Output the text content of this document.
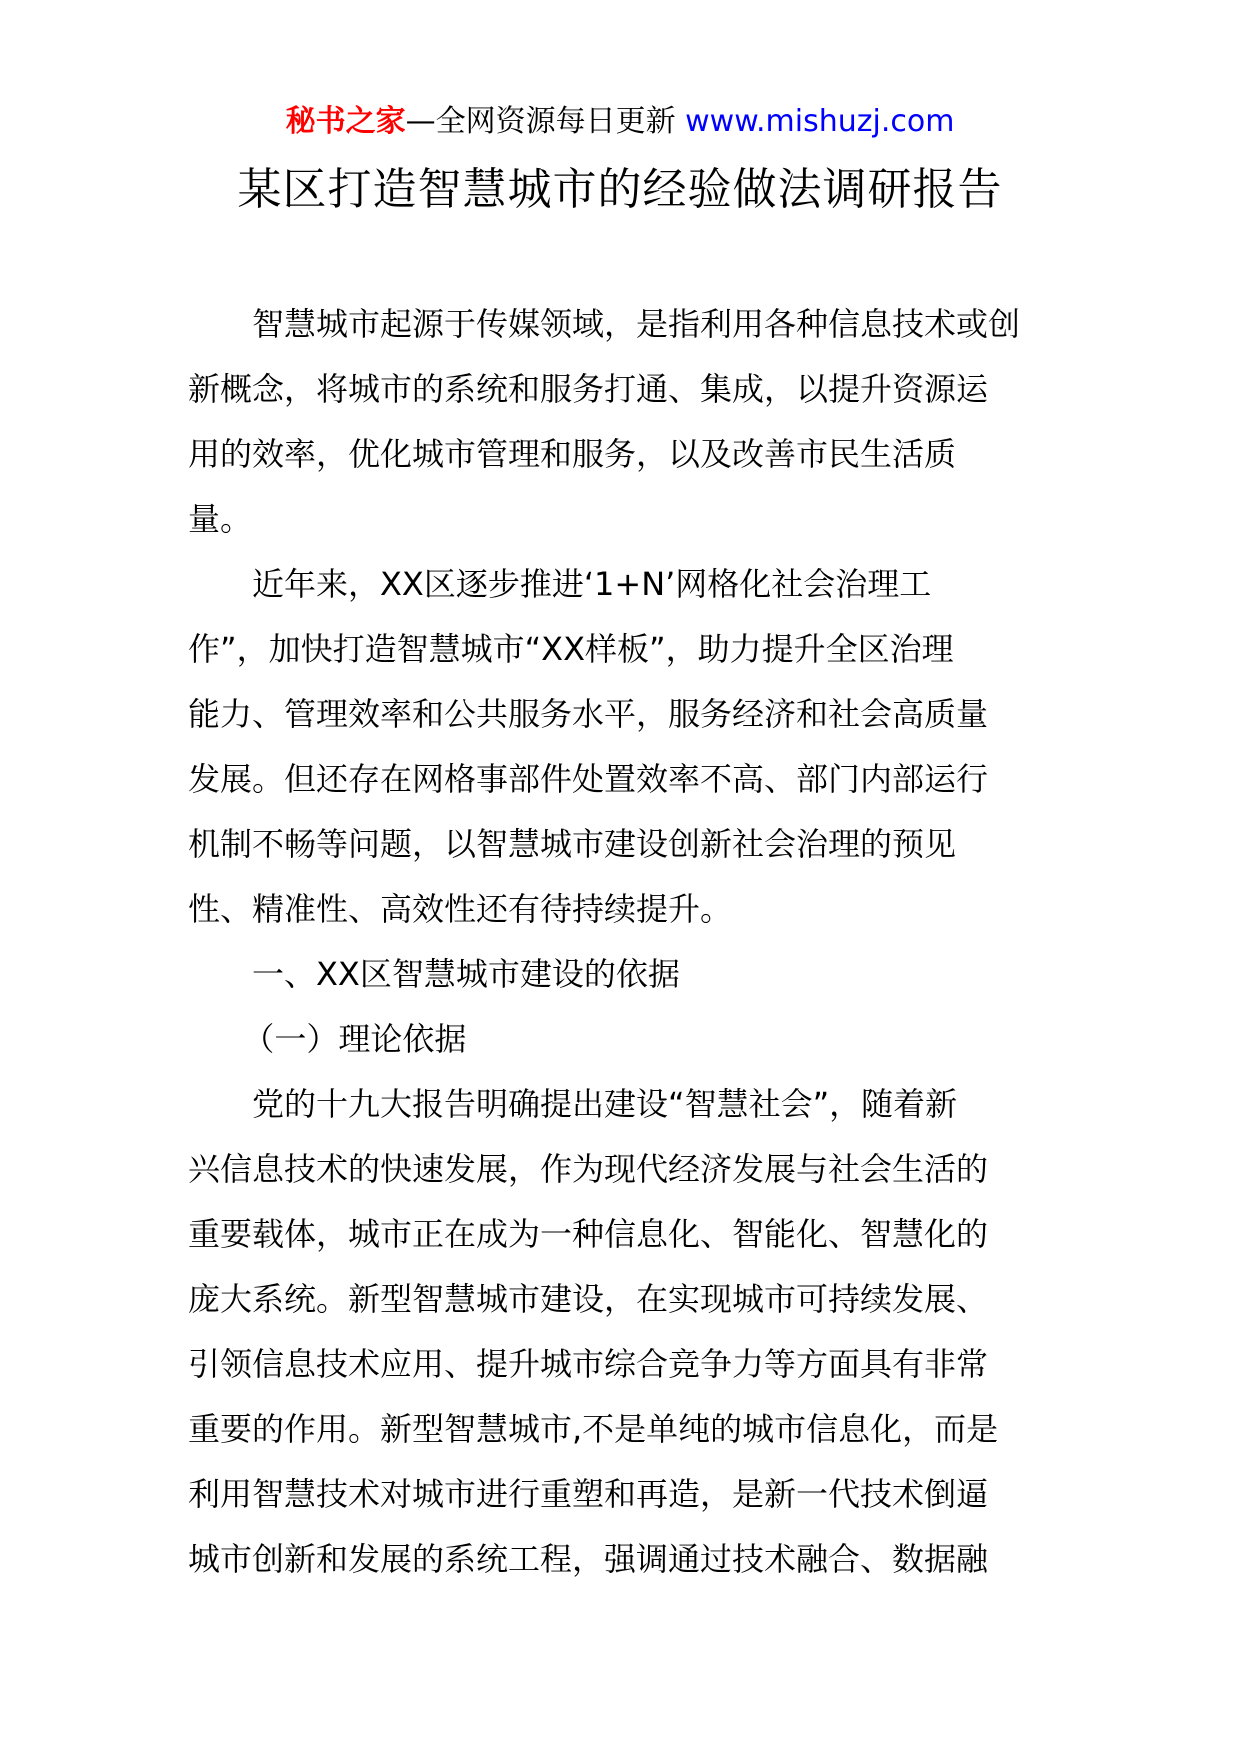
秘书之家—全网资源每日更新 www.mishuzj.com
某区打造智慧城市的经验做法调研报告
智慧城市起源于传媒领域，是指利用各种信息技术或创
新概念，将城市的系统和服务打通、集成，以提升资源运
用的效率，优化城市管理和服务，以及改善市民生活质
量。
近年来，XX区逐步推进‘1+N’网格化社会治理工
作”，加快打造智慧城市“XX样板”，助力提升全区治理
能力、管理效率和公共服务水平，服务经济和社会高质量
发展。但还存在网格事部件处置效率不高、部门内部运行
机制不畅等问题，以智慧城市建设创新社会治理的预见
性、精准性、高效性还有待持续提升。
一、XX区智慧城市建设的依据
（一）理论依据
党的十九大报告明确提出建设“智慧社会”，随着新
兴信息技术的快速发展，作为现代经济发展与社会生活的
重要载体，城市正在成为一种信息化、智能化、智慧化的
庞大系统。新型智慧城市建设，在实现城市可持续发展、
引领信息技术应用、提升城市综合竞争力等方面具有非常
重要的作用。新型智慧城市,不是单纯的城市信息化，而是
利用智慧技术对城市进行重塑和再造，是新一代技术倒逼
城市创新和发展的系统工程，强调通过技术融合、数据融
